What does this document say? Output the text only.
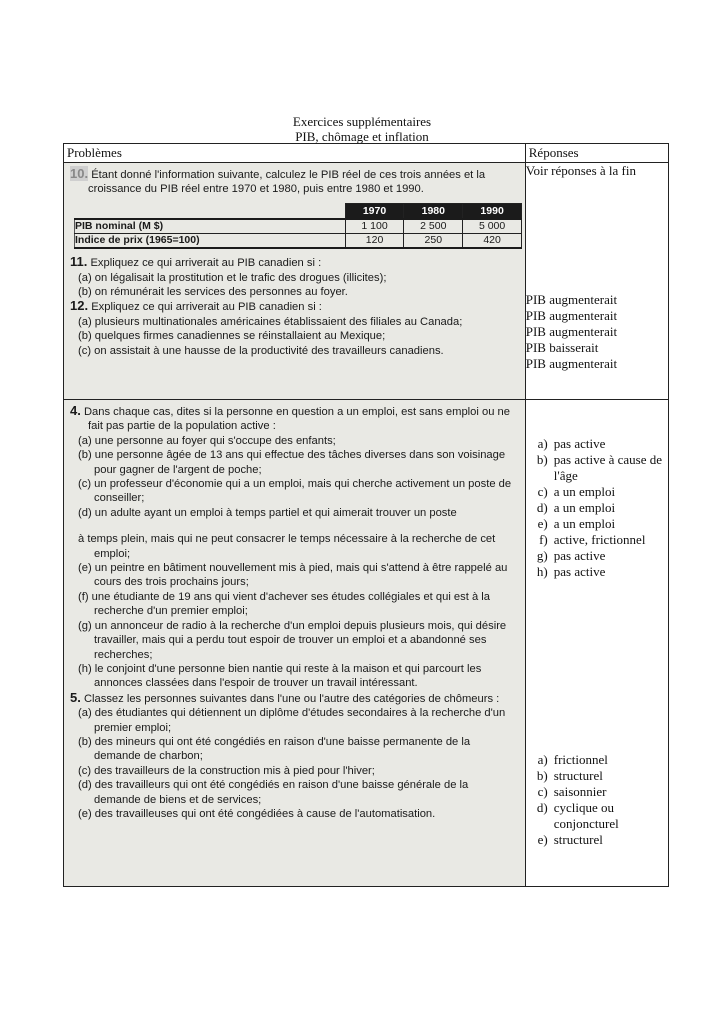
Exercices supplémentaires
PIB, chômage et inflation
Problèmes	Réponses

10. Étant donné l'information suivante, calculez le PIB réel de ces trois années et la croissance du PIB réel entre 1970 et 1980, puis entre 1980 et 1990.

	1970	1980	1990
PIB nominal (M $)	1 100	2 500	5 000
Indice de prix (1965=100)	120	250	420

11. Expliquez ce qui arriverait au PIB canadien si :

(a) on légalisait la prostitution et le trafic des drogues (illicites);

(b) on rémunérait les services des personnes au foyer.

12. Expliquez ce qui arriverait au PIB canadien si :

(a) plusieurs multinationales américaines établissaient des filiales au Canada;

(b) quelques firmes canadiennes se réinstallaient au Mexique;

(c) on assistait à une hausse de la productivité des travailleurs canadiens.

Voir réponses à la fin
PIB augmenterait
PIB augmenterait
PIB augmenterait
PIB baisserait
PIB augmenterait

4. Dans chaque cas, dites si la personne en question a un emploi, est sans emploi ou ne fait pas partie de la population active :

(a) une personne au foyer qui s'occupe des enfants;

(b) une personne âgée de 13 ans qui effectue des tâches diverses dans son voisinage pour gagner de l'argent de poche;

(c) un professeur d'économie qui a un emploi, mais qui cherche activement un poste de conseiller;

(d) un adulte ayant un emploi à temps partiel et qui aimerait trouver un poste

à temps plein, mais qui ne peut consacrer le temps nécessaire à la recherche de cet emploi;

(e) un peintre en bâtiment nouvellement mis à pied, mais qui s'attend à être rappelé au cours des trois prochains jours;

(f) une étudiante de 19 ans qui vient d'achever ses études collégiales et qui est à la recherche d'un premier emploi;

(g) un annonceur de radio à la recherche d'un emploi depuis plusieurs mois, qui désire travailler, mais qui a perdu tout espoir de trouver un emploi et a abandonné ses recherches;

(h) le conjoint d'une personne bien nantie qui reste à la maison et qui parcourt les annonces classées dans l'espoir de trouver un travail intéressant.

5. Classez les personnes suivantes dans l'une ou l'autre des catégories de chômeurs :

(a) des étudiantes qui détiennent un diplôme d'études secondaires à la recherche d'un premier emploi;

(b) des mineurs qui ont été congédiés en raison d'une baisse permanente de la demande de charbon;

(c) des travailleurs de la construction mis à pied pour l'hiver;

(d) des travailleurs qui ont été congédiés en raison d'une baisse générale de la demande de biens et de services;

(e) des travailleuses qui ont été congédiées à cause de l'automatisation.

a) pas active
b) pas active à cause de l'âge
c) a un emploi
d) a un emploi
e) a un emploi
f) active, frictionnel
g) pas active
h) pas active
a) frictionnel
b) structurel
c) saisonnier
d) cyclique ou conjoncturel
e) structurel
